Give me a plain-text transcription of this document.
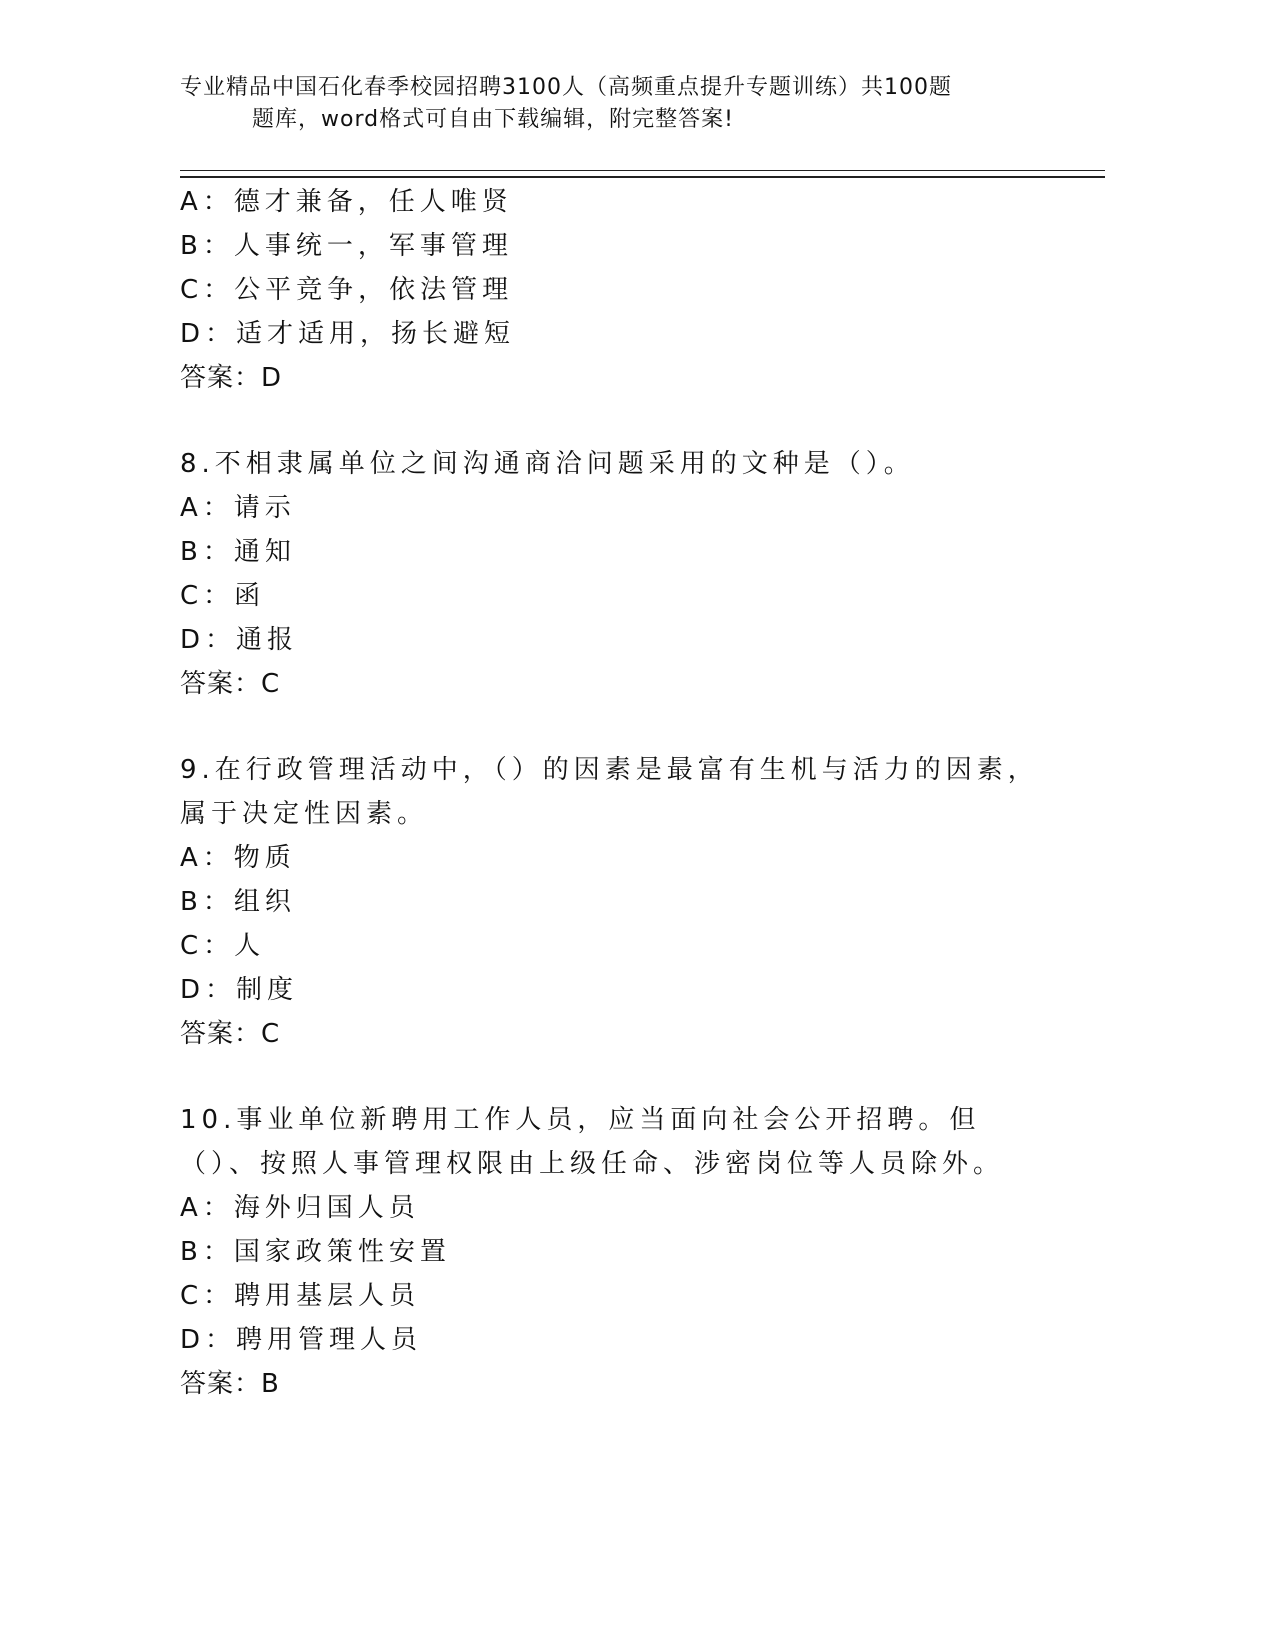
专业精品中国石化春季校园招聘3100人（高频重点提升专题训练）共100题
题库，word格式可自由下载编辑，附完整答案!
A：德才兼备，任人唯贤
B：人事统一，军事管理
C：公平竞争，依法管理
D：适才适用，扬长避短
答案：D
8.不相隶属单位之间沟通商洽问题采用的文种是（）。
A：请示
B：通知
C：函
D：通报
答案：C
9.在行政管理活动中，（）的因素是最富有生机与活力的因素，属于决定性因素。
A：物质
B：组织
C：人
D：制度
答案：C
10.事业单位新聘用工作人员，应当面向社会公开招聘。但（）、按照人事管理权限由上级任命、涉密岗位等人员除外。
A：海外归国人员
B：国家政策性安置
C：聘用基层人员
D：聘用管理人员
答案：B
